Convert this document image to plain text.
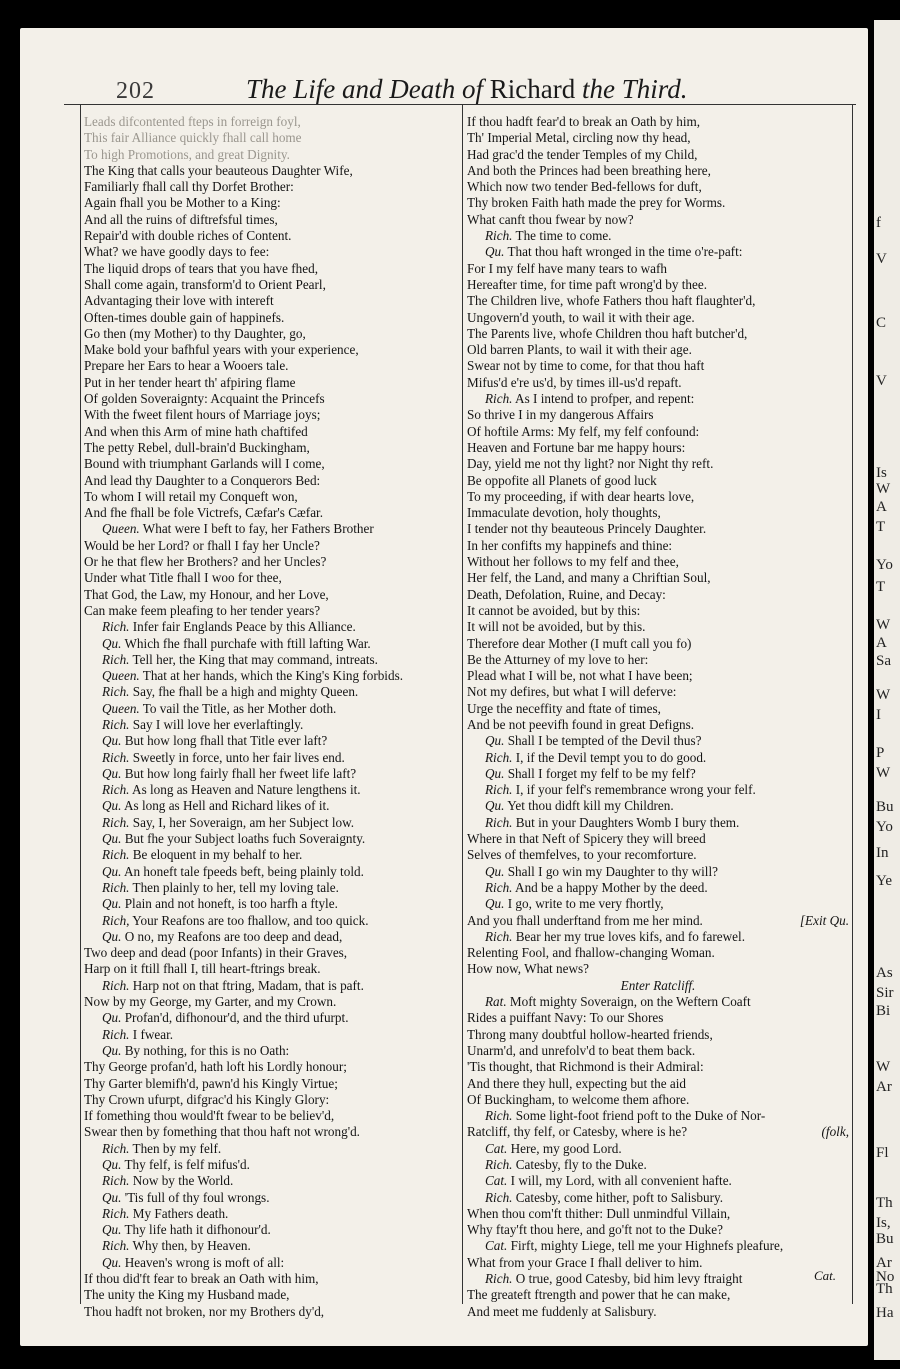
f
V
C
V
Is
W
A
T
Yo
T
W
A
Sa
W
I
P
W
Bu
Yo
In
Ye
As
Sir
Bi
W
Ar
Fl
Th
Is,
Bu
Ar
No
Th
Ha
202	The Life and Death of Richard the Third.
Leads difcontented fteps in forreign foyl,
This fair Alliance quickly fhall call home
To high Promotions, and great Dignity.
The King that calls your beauteous Daughter Wife,
Familiarly fhall call thy Dorfet Brother:
Again fhall you be Mother to a King:
And all the ruins of diftrefsful times,
Repair'd with double riches of Content.
What? we have goodly days to fee:
The liquid drops of tears that you have fhed,
Shall come again, transform'd to Orient Pearl,
Advantaging their love with intereft
Often-times double gain of happinefs.
Go then (my Mother) to thy Daughter, go,
Make bold your bafhful years with your experience,
Prepare her Ears to hear a Wooers tale.
Put in her tender heart th' afpiring flame
Of golden Soveraignty: Acquaint the Princefs
With the fweet filent hours of Marriage joys;
And when this Arm of mine hath chaftifed
The petty Rebel, dull-brain'd Buckingham,
Bound with triumphant Garlands will I come,
And lead thy Daughter to a Conquerors Bed:
To whom I will retail my Conqueft won,
And fhe fhall be fole Victrefs, Cæfar's Cæfar.
Queen. What were I beft to fay, her Fathers Brother
Would be her Lord? or fhall I fay her Uncle?
Or he that flew her Brothers? and her Uncles?
Under what Title fhall I woo for thee,
That God, the Law, my Honour, and her Love,
Can make feem pleafing to her tender years?
Rich. Infer fair Englands Peace by this Alliance.
Qu. Which fhe fhall purchafe with ftill lafting War.
Rich. Tell her, the King that may command, intreats.
Queen. That at her hands, which the King's King forbids.
Rich. Say, fhe fhall be a high and mighty Queen.
Queen. To vail the Title, as her Mother doth.
Rich. Say I will love her everlaftingly.
Qu. But how long fhall that Title ever laft?
Rich. Sweetly in force, unto her fair lives end.
Qu. But how long fairly fhall her fweet life laft?
Rich. As long as Heaven and Nature lengthens it.
Qu. As long as Hell and Richard likes of it.
Rich. Say, I, her Soveraign, am her Subject low.
Qu. But fhe your Subject loaths fuch Soveraignty.
Rich. Be eloquent in my behalf to her.
Qu. An honeft tale fpeeds beft, being plainly told.
Rich. Then plainly to her, tell my loving tale.
Qu. Plain and not honeft, is too harfh a ftyle.
Rich, Your Reafons are too fhallow, and too quick.
Qu. O no, my Reafons are too deep and dead,
Two deep and dead (poor Infants) in their Graves,
Harp on it ftill fhall I, till heart-ftrings break.
Rich. Harp not on that ftring, Madam, that is paft.
Now by my George, my Garter, and my Crown.
Qu. Profan'd, difhonour'd, and the third ufurpt.
Rich. I fwear.
Qu. By nothing, for this is no Oath:
Thy George profan'd, hath loft his Lordly honour;
Thy Garter blemifh'd, pawn'd his Kingly Virtue;
Thy Crown ufurpt, difgrac'd his Kingly Glory:
If fomething thou would'ft fwear to be believ'd,
Swear then by fomething that thou haft not wrong'd.
Rich. Then by my felf.
Qu. Thy felf, is felf mifus'd.
Rich. Now by the World.
Qu. 'Tis full of thy foul wrongs.
Rich. My Fathers death.
Qu. Thy life hath it difhonour'd.
Rich. Why then, by Heaven.
Qu. Heaven's wrong is moft of all:
If thou did'ft fear to break an Oath with him,
The unity the King my Husband made,
Thou hadft not broken, nor my Brothers dy'd,
If thou hadft fear'd to break an Oath by him,
Th' Imperial Metal, circling now thy head,
Had grac'd the tender Temples of my Child,
And both the Princes had been breathing here,
Which now two tender Bed-fellows for duft,
Thy broken Faith hath made the prey for Worms.
What canft thou fwear by now?
Rich. The time to come.
Qu. That thou haft wronged in the time o're-paft:
For I my felf have many tears to wafh
Hereafter time, for time paft wrong'd by thee.
The Children live, whofe Fathers thou haft flaughter'd,
Ungovern'd youth, to wail it with their age.
The Parents live, whofe Children thou haft butcher'd,
Old barren Plants, to wail it with their age.
Swear not by time to come, for that thou haft
Mifus'd e're us'd, by times ill-us'd repaft.
Rich. As I intend to profper, and repent:
So thrive I in my dangerous Affairs
Of hoftile Arms: My felf, my felf confound:
Heaven and Fortune bar me happy hours:
Day, yield me not thy light? nor Night thy reft.
Be oppofite all Planets of good luck
To my proceeding, if with dear hearts love,
Immaculate devotion, holy thoughts,
I tender not thy beauteous Princely Daughter.
In her confifts my happinefs and thine:
Without her follows to my felf and thee,
Her felf, the Land, and many a Chriftian Soul,
Death, Defolation, Ruine, and Decay:
It cannot be avoided, but by this:
It will not be avoided, but by this.
Therefore dear Mother (I muft call you fo)
Be the Atturney of my love to her:
Plead what I will be, not what I have been;
Not my defires, but what I will deferve:
Urge the neceffity and ftate of times,
And be not peevifh found in great Defigns.
Qu. Shall I be tempted of the Devil thus?
Rich. I, if the Devil tempt you to do good.
Qu. Shall I forget my felf to be my felf?
Rich. I, if your felf's remembrance wrong your felf.
Qu. Yet thou didft kill my Children.
Rich. But in your Daughters Womb I bury them.
Where in that Neft of Spicery they will breed
Selves of themfelves, to your recomforture.
Qu. Shall I go win my Daughter to thy will?
Rich. And be a happy Mother by the deed.
Qu. I go, write to me very fhortly,
And you fhall underftand from me her mind.	[Exit Qu.
Rich. Bear her my true loves kifs, and fo farewel.
Relenting Fool, and fhallow-changing Woman.
How now, What news?
Enter Ratcliff.
Rat. Moft mighty Soveraign, on the Weftern Coaft
Rides a puiffant Navy: To our Shores
Throng many doubtful hollow-hearted friends,
Unarm'd, and unrefolv'd to beat them back.
'Tis thought, that Richmond is their Admiral:
And there they hull, expecting but the aid
Of Buckingham, to welcome them afhore.
Rich. Some light-foot friend poft to the Duke of Nor-
Ratcliff, thy felf, or Catesby, where is he?	(folk,
Cat. Here, my good Lord.
Rich. Catesby, fly to the Duke.
Cat. I will, my Lord, with all convenient hafte.
Rich. Catesby, come hither, poft to Salisbury.
When thou com'ft thither: Dull unmindful Villain,
Why ftay'ft thou here, and go'ft not to the Duke?
Cat. Firft, mighty Liege, tell me your Highnefs pleafure,
What from your Grace I fhall deliver to him.
Rich. O true, good Catesby, bid him levy ftraight
The greateft ftrength and power that he can make,
And meet me fuddenly at Salisbury.
Cat.
